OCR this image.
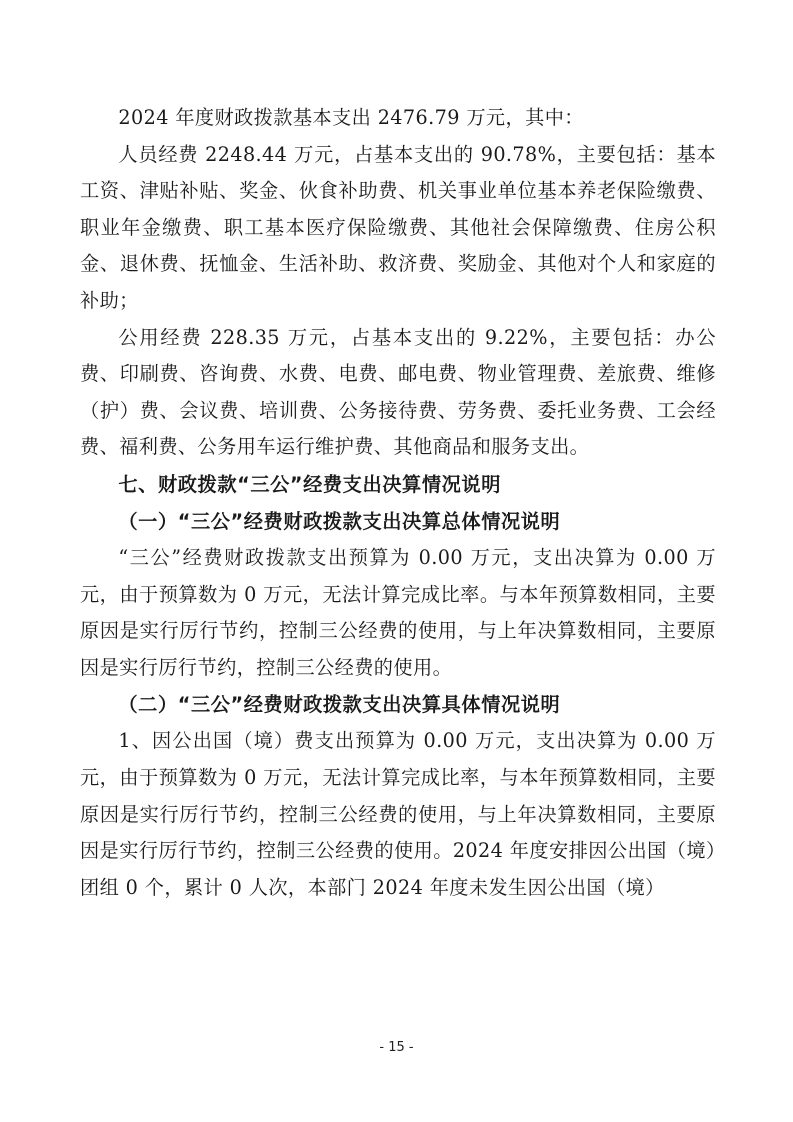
2024 年度财政拨款基本支出 2476.79 万元，其中：

人员经费 2248.44 万元，占基本支出的 90.78%，主要包括：基本工资、津贴补贴、奖金、伙食补助费、机关事业单位基本养老保险缴费、职业年金缴费、职工基本医疗保险缴费、其他社会保障缴费、住房公积金、退休费、抚恤金、生活补助、救济费、奖励金、其他对个人和家庭的补助；

公用经费 228.35 万元，占基本支出的 9.22%，主要包括：办公费、印刷费、咨询费、水费、电费、邮电费、物业管理费、差旅费、维修（护）费、会议费、培训费、公务接待费、劳务费、委托业务费、工会经费、福利费、公务用车运行维护费、其他商品和服务支出。

七、财政拨款“三公”经费支出决算情况说明

（一）“三公”经费财政拨款支出决算总体情况说明

“三公”经费财政拨款支出预算为 0.00 万元，支出决算为 0.00 万元，由于预算数为 0 万元，无法计算完成比率。与本年预算数相同，主要原因是实行厉行节约，控制三公经费的使用，与上年决算数相同，主要原因是实行厉行节约，控制三公经费的使用。

（二）“三公”经费财政拨款支出决算具体情况说明

1、因公出国（境）费支出预算为 0.00 万元，支出决算为 0.00 万元，由于预算数为 0 万元，无法计算完成比率，与本年预算数相同，主要原因是实行厉行节约，控制三公经费的使用，与上年决算数相同，主要原因是实行厉行节约，控制三公经费的使用。2024 年度安排因公出国（境）团组 0 个，累计 0 人次，本部门 2024 年度未发生因公出国（境）

- 15 -
